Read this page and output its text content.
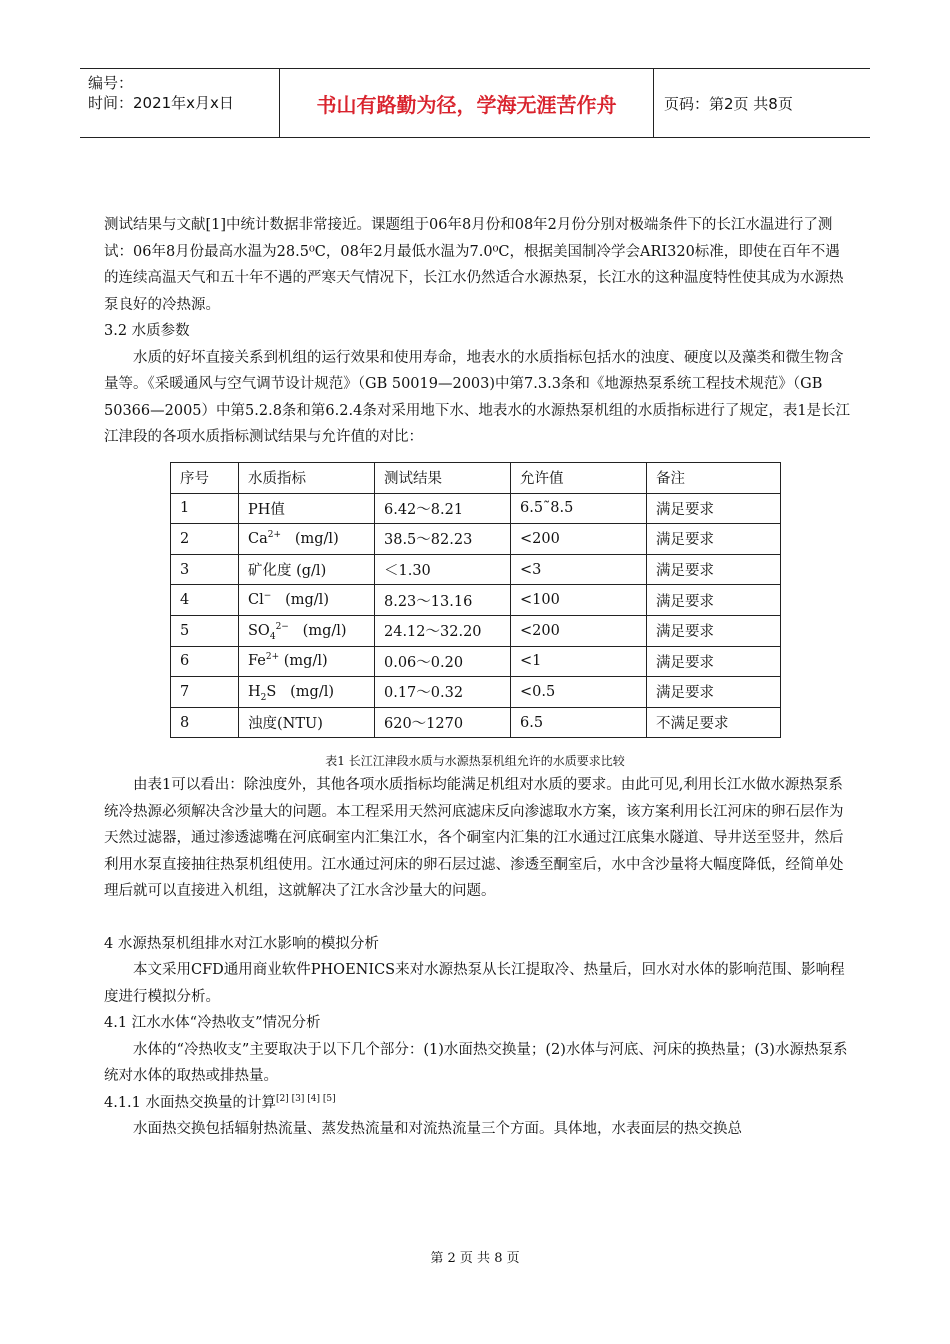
编号：
时间：2021年x月x日	书山有路勤为径，学海无涯苦作舟	页码：第2页 共8页

测试结果与文献[1]中统计数据非常接近。课题组于06年8月份和08年2月份分别对极端条件下的长江水温进行了测试：06年8月份最高水温为28.5⁰C，08年2月最低水温为7.0⁰C，根据美国制冷学会ARI320标准，即使在百年不遇的连续高温天气和五十年不遇的严寒天气情况下，长江水仍然适合水源热泵，长江水的这种温度特性使其成为水源热泵良好的冷热源。

3.2 水质参数

水质的好坏直接关系到机组的运行效果和使用寿命，地表水的水质指标包括水的浊度、硬度以及藻类和微生物含量等。《采暖通风与空气调节设计规范》（GB 50019—2003)中第7.3.3条和《地源热泵系统工程技术规范》（GB 50366—2005）中第5.2.8条和第6.2.4条对采用地下水、地表水的水源热泵机组的水质指标进行了规定，表1是长江江津段的各项水质指标测试结果与允许值的对比：

序号	水质指标	测试结果	允许值	备注
1	PH值	6.42～8.21	6.5˜8.5	满足要求
2	$Ca^{2+}$   (mg/l)	38.5～82.23	<200	满足要求
3	矿化度 (g/l)	＜1.30	<3	满足要求
4	Cl−   (mg/l)	8.23～13.16	<100	满足要求
5	$SO_4^{2-}$   (mg/l)	24.12～32.20	<200	满足要求
6	$Fe^{2+}$ (mg/l)	0.06～0.20	<1	满足要求
7	$H_2S$   (mg/l)	0.17～0.32	<0.5	满足要求
8	浊度(NTU)	620～1270	6.5	不满足要求
表1 长江江津段水质与水源热泵机组允许的水质要求比较

由表1可以看出：除浊度外，其他各项水质指标均能满足机组对水质的要求。由此可见,利用长江水做水源热泵系统冷热源必须解决含沙量大的问题。本工程采用天然河底滤床反向渗滤取水方案，该方案利用长江河床的卵石层作为天然过滤器，通过渗透滤嘴在河底硐室内汇集江水，各个硐室内汇集的江水通过江底集水隧道、导井送至竖井，然后利用水泵直接抽往热泵机组使用。江水通过河床的卵石层过滤、渗透至酮室后，水中含沙量将大幅度降低，经简单处理后就可以直接进入机组，这就解决了江水含沙量大的问题。

4 水源热泵机组排水对江水影响的模拟分析

本文采用CFD通用商业软件PHOENICS来对水源热泵从长江提取冷、热量后，回水对水体的影响范围、影响程度进行模拟分析。

4.1 江水水体“冷热收支”情况分析

水体的“冷热收支”主要取决于以下几个部分：(1)水面热交换量；(2)水体与河底、河床的换热量；(3)水源热泵系统对水体的取热或排热量。

4.1.1 水面热交换量的计算[2] [3] [4] [5]

水面热交换包括辐射热流量、蒸发热流量和对流热流量三个方面。具体地，水表面层的热交换总

第 2 页 共 8 页
